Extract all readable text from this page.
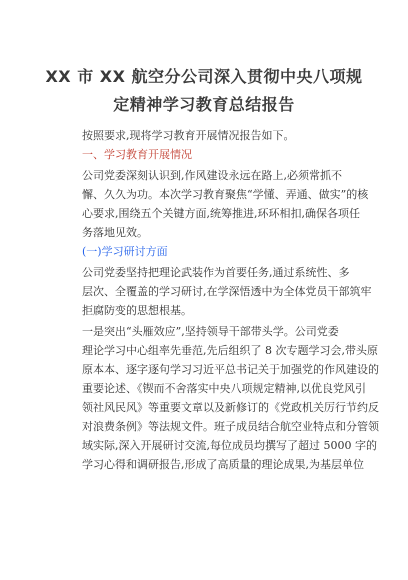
XX 市 XX 航空分公司深入贯彻中央八项规
定精神学习教育总结报告
按照要求,现将学习教育开展情况报告如下。
一、学习教育开展情况
公司党委深刻认识到,作风建设永远在路上,必须常抓不
懈、久久为功。本次学习教育聚焦“学懂、弄通、做实”的核
心要求,围绕五个关键方面,统筹推进,环环相扣,确保各项任
务落地见效。
(一)学习研讨方面
公司党委坚持把理论武装作为首要任务,通过系统性、多
层次、全覆盖的学习研讨,在学深悟透中为全体党员干部筑牢
拒腐防变的思想根基。
一是突出“头雁效应”,坚持领导干部带头学。公司党委
理论学习中心组率先垂范,先后组织了 8 次专题学习会,带头原
原本本、逐字逐句学习习近平总书记关于加强党的作风建设的
重要论述、《锲而不舍落实中央八项规定精神,以优良党风引
领社风民风》等重要文章以及新修订的《党政机关厉行节约反
对浪费条例》等法规文件。班子成员结合航空业特点和分管领
域实际,深入开展研讨交流,每位成员均撰写了超过 5000 字的
学习心得和调研报告,形成了高质量的理论成果,为基层单位
